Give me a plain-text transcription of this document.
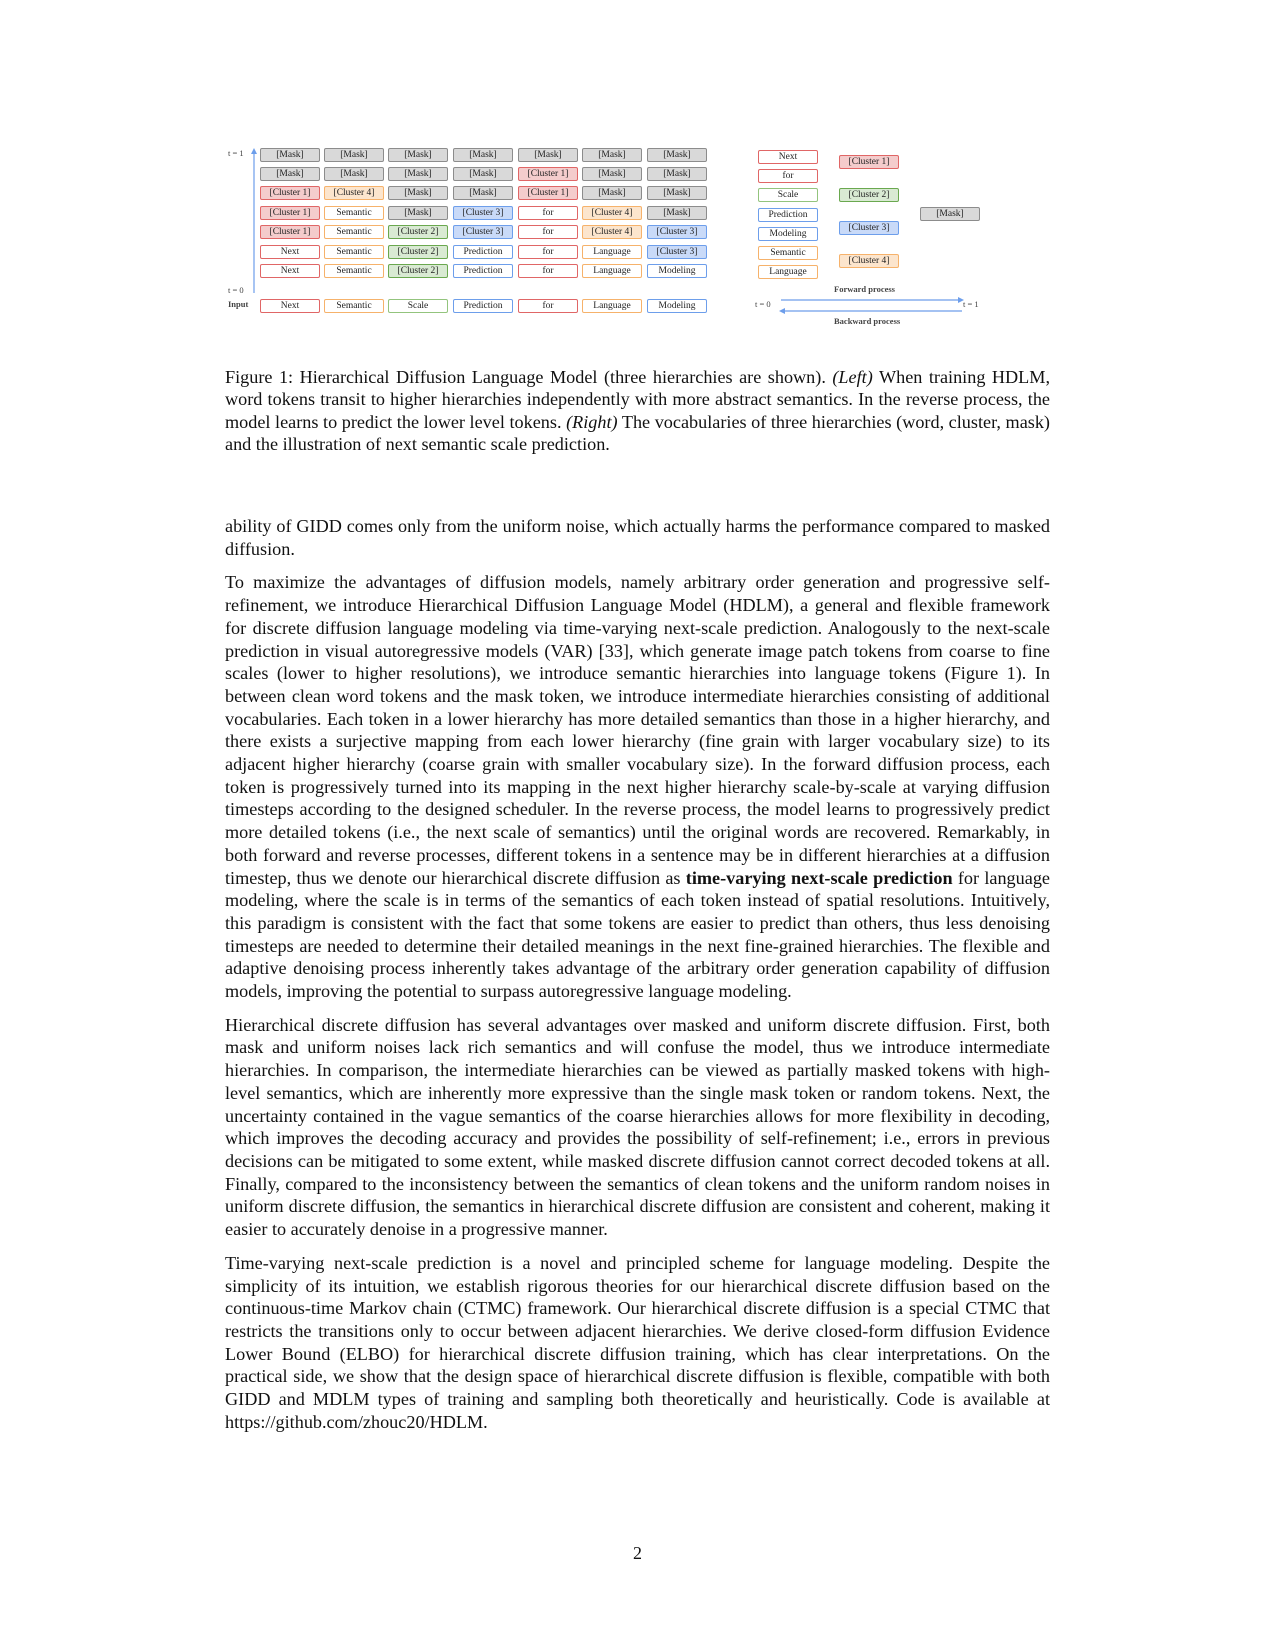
[Mask]	[Mask]	[Mask]	[Mask]	[Mask]	[Mask]	[Mask]
[Mask]	[Mask]	[Mask]	[Mask]	[Cluster 1]	[Mask]	[Mask]
[Cluster 1]	[Cluster 4]	[Mask]	[Mask]	[Cluster 1]	[Mask]	[Mask]
[Cluster 1]	Semantic	[Mask]	[Cluster 3]	for	[Cluster 4]	[Mask]
[Cluster 1]	Semantic	[Cluster 2]	[Cluster 3]	for	[Cluster 4]	[Cluster 3]
Next	Semantic	[Cluster 2]	Prediction	for	Language	[Cluster 3]
Next	Semantic	[Cluster 2]	Prediction	for	Language	Modeling
Next	Semantic	Scale	Prediction	for	Language	Modeling
Next
for
Scale
Prediction
Modeling
Semantic
Language
[Cluster 1]
[Cluster 2]
[Cluster 3]
[Cluster 4]
[Mask]
t = 1
t = 0
Input
Forward process
Backward process
t = 0	t = 1
Figure 1: Hierarchical Diffusion Language Model (three hierarchies are shown). (Left) When training HDLM, word tokens transit to higher hierarchies independently with more abstract semantics. In the reverse process, the model learns to predict the lower level tokens. (Right) The vocabularies of three hierarchies (word, cluster, mask) and the illustration of next semantic scale prediction.

ability of GIDD comes only from the uniform noise, which actually harms the performance compared to masked diffusion.

To maximize the advantages of diffusion models, namely arbitrary order generation and progressive self-refinement, we introduce Hierarchical Diffusion Language Model (HDLM), a general and flexible framework for discrete diffusion language modeling via time-varying next-scale prediction. Analogously to the next-scale prediction in visual autoregressive models (VAR) [33], which generate image patch tokens from coarse to fine scales (lower to higher resolutions), we introduce semantic hierarchies into language tokens (Figure 1). In between clean word tokens and the mask token, we introduce intermediate hierarchies consisting of additional vocabularies. Each token in a lower hierarchy has more detailed semantics than those in a higher hierarchy, and there exists a surjective mapping from each lower hierarchy (fine grain with larger vocabulary size) to its adjacent higher hierarchy (coarse grain with smaller vocabulary size). In the forward diffusion process, each token is progressively turned into its mapping in the next higher hierarchy scale-by-scale at varying diffusion timesteps according to the designed scheduler. In the reverse process, the model learns to progressively predict more detailed tokens (i.e., the next scale of semantics) until the original words are recovered. Remarkably, in both forward and reverse processes, different tokens in a sentence may be in different hierarchies at a diffusion timestep, thus we denote our hierarchical discrete diffusion as time-varying next-scale prediction for language modeling, where the scale is in terms of the semantics of each token instead of spatial resolutions. Intuitively, this paradigm is consistent with the fact that some tokens are easier to predict than others, thus less denoising timesteps are needed to determine their detailed meanings in the next fine-grained hierarchies. The flexible and adaptive denoising process inherently takes advantage of the arbitrary order generation capability of diffusion models, improving the potential to surpass autoregressive language modeling.

Hierarchical discrete diffusion has several advantages over masked and uniform discrete diffusion. First, both mask and uniform noises lack rich semantics and will confuse the model, thus we introduce intermediate hierarchies. In comparison, the intermediate hierarchies can be viewed as partially masked tokens with high-level semantics, which are inherently more expressive than the single mask token or random tokens. Next, the uncertainty contained in the vague semantics of the coarse hierarchies allows for more flexibility in decoding, which improves the decoding accuracy and provides the possibility of self-refinement; i.e., errors in previous decisions can be mitigated to some extent, while masked discrete diffusion cannot correct decoded tokens at all. Finally, compared to the inconsistency between the semantics of clean tokens and the uniform random noises in uniform discrete diffusion, the semantics in hierarchical discrete diffusion are consistent and coherent, making it easier to accurately denoise in a progressive manner.

Time-varying next-scale prediction is a novel and principled scheme for language modeling. Despite the simplicity of its intuition, we establish rigorous theories for our hierarchical discrete diffusion based on the continuous-time Markov chain (CTMC) framework. Our hierarchical discrete diffusion is a special CTMC that restricts the transitions only to occur between adjacent hierarchies. We derive closed-form diffusion Evidence Lower Bound (ELBO) for hierarchical discrete diffusion training, which has clear interpretations. On the practical side, we show that the design space of hierarchical discrete diffusion is flexible, compatible with both GIDD and MDLM types of training and sampling both theoretically and heuristically. Code is available at https://github.com/zhouc20/HDLM.

2
